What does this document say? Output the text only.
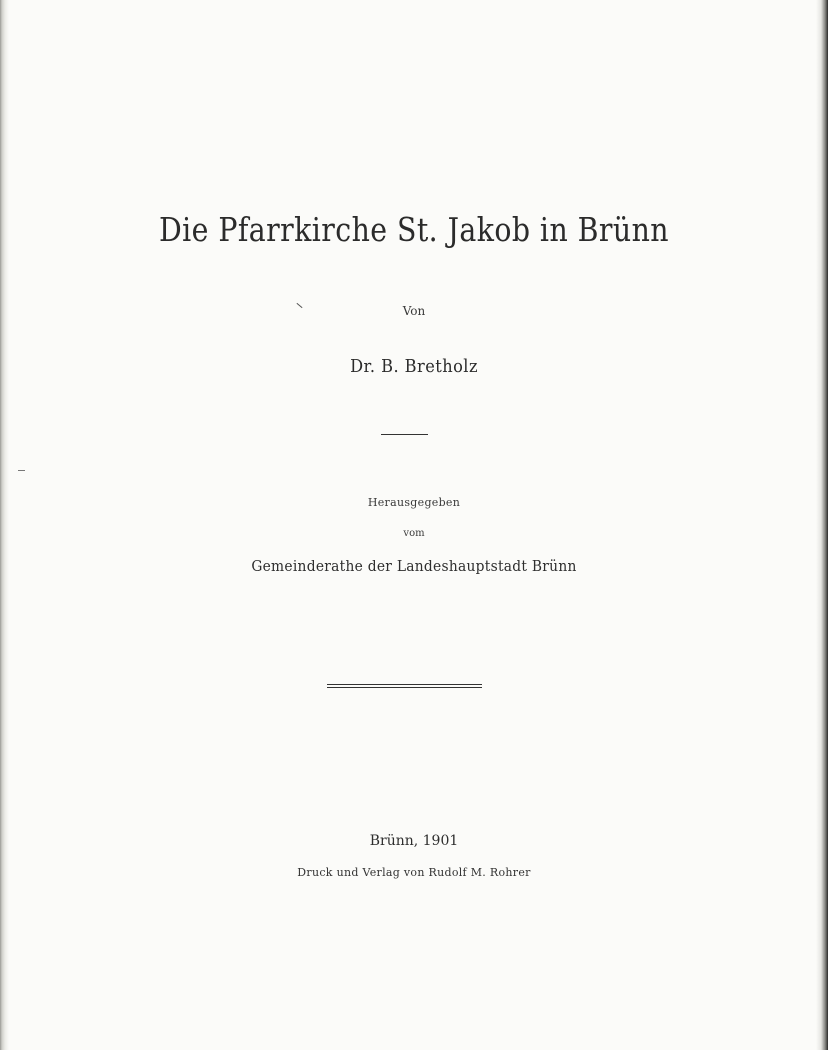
Die Pfarrkirche St. Jakob in Brünn
Von
Dr. B. Bretholz
Herausgegeben
vom
Gemeinderathe der Landeshauptstadt Brünn
Brünn, 1901
Druck und Verlag von Rudolf M. Rohrer
